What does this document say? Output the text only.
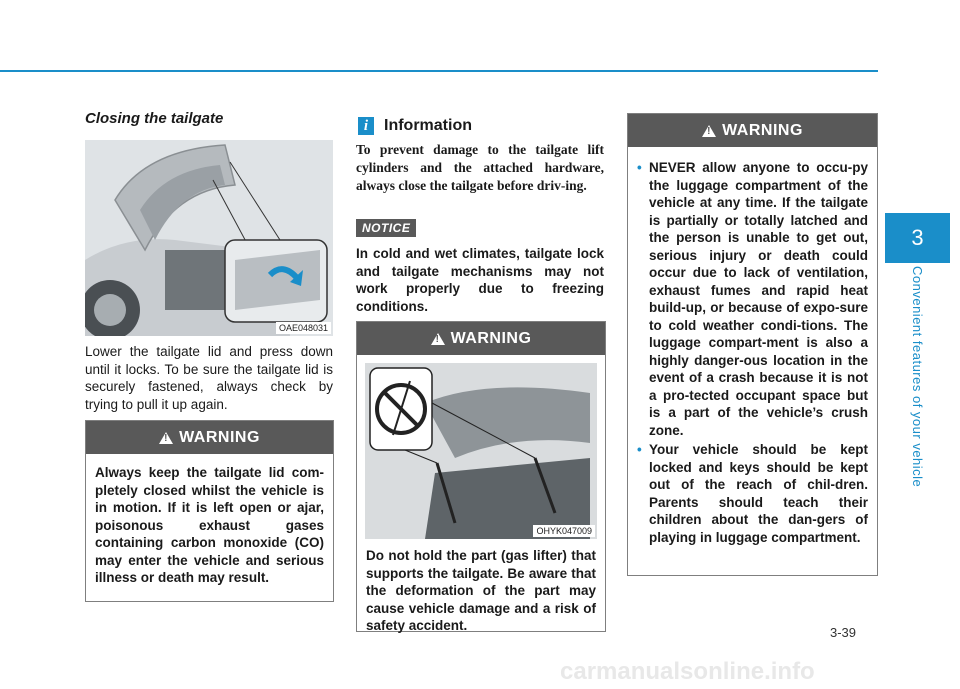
3
Convenient features of your vehicle
3-39
carmanualsonline.info
Closing the tailgate
OAE048031
Lower the tailgate lid and press down until it locks. To be sure the tailgate lid is securely fastened, always check by trying to pull it up again.
! WARNING
Always keep the tailgate lid com-pletely closed whilst the vehicle is in motion. If it is left open or ajar, poisonous exhaust gases containing carbon monoxide (CO) may enter the vehicle and serious illness or death may result.
i Information
To prevent damage to the tailgate lift cylinders and the attached hardware, always close the tailgate before driv-ing.
NOTICE
In cold and wet climates, tailgate lock and tailgate mechanisms may not work properly due to freezing conditions.
! WARNING
OHYK047009
Do not hold the part (gas lifter) that supports the tailgate. Be aware that the deformation of the part may cause vehicle damage and a risk of safety accident.
! WARNING
• NEVER allow anyone to occu-py the luggage compartment of the vehicle at any time. If the tailgate is partially or totally latched and the person is unable to get out, serious injury or death could occur due to lack of ventilation, exhaust fumes and rapid heat build-up, or because of expo-sure to cold weather condi-tions. The luggage compart-ment is also a highly danger-ous location in the event of a crash because it is not a pro-tected occupant space but is a part of the vehicle’s crush zone.
• Your vehicle should be kept locked and keys should be kept out of the reach of chil-dren. Parents should teach their children about the dan-gers of playing in luggage compartment.
